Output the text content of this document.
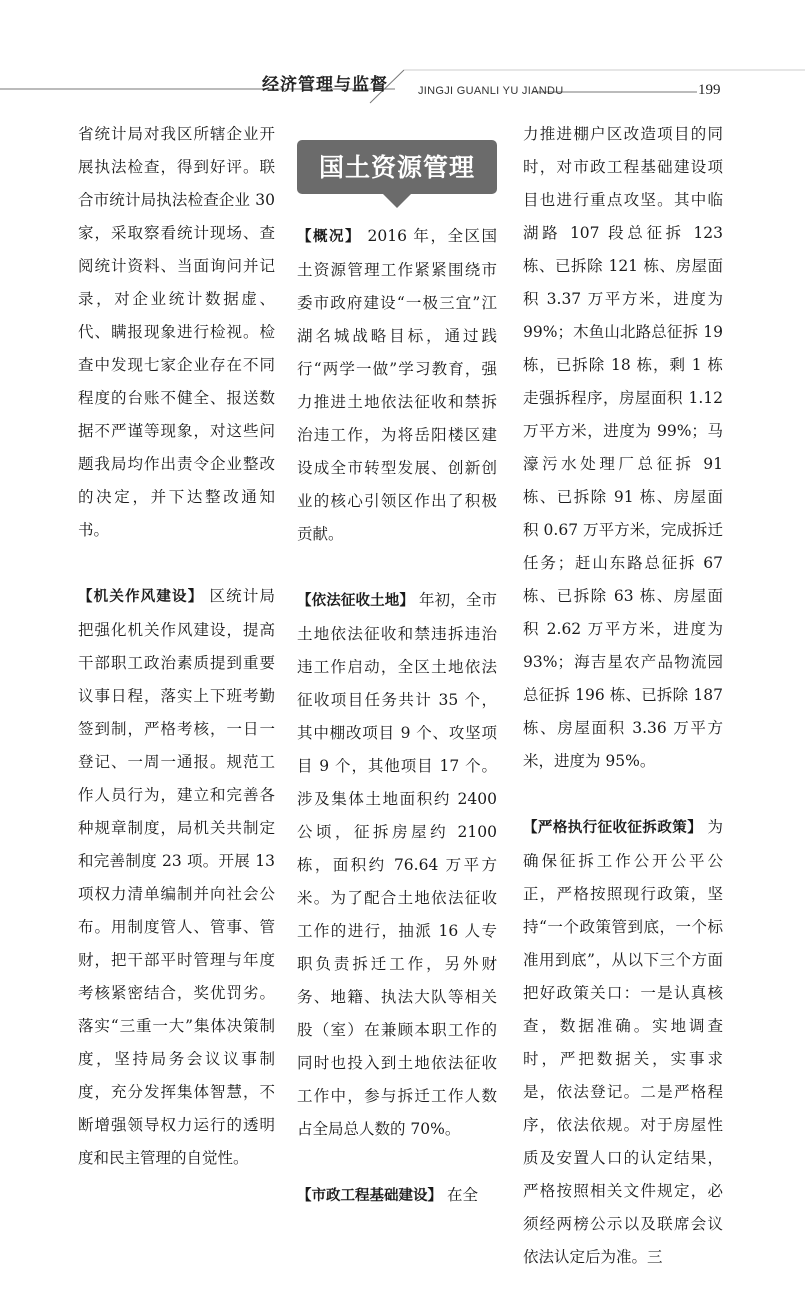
经济管理与监督	JINGJI GUANLI YU JIANDU	199

省统计局对我区所辖企业开展执法检查，得到好评。联合市统计局执法检查企业 30 家，采取察看统计现场、查阅统计资料、当面询问并记录，对企业统计数据虚、代、瞒报现象进行检视。检查中发现七家企业存在不同程度的台账不健全、报送数据不严谨等现象，对这些问题我局均作出责令企业整改的决定，并下达整改通知书。

【机关作风建设】 区统计局把强化机关作风建设，提高干部职工政治素质提到重要议事日程，落实上下班考勤签到制，严格考核，一日一登记、一周一通报。规范工作人员行为，建立和完善各种规章制度，局机关共制定和完善制度 23 项。开展 13 项权力清单编制并向社会公布。用制度管人、管事、管财，把干部平时管理与年度考核紧密结合，奖优罚劣。落实“三重一大”集体决策制度，坚持局务会议议事制度，充分发挥集体智慧，不断增强领导权力运行的透明度和民主管理的自觉性。

国土资源管理

【概况】 2016 年，全区国土资源管理工作紧紧围绕市委市政府建设“一极三宜”江湖名城战略目标，通过践行“两学一做”学习教育，强力推进土地依法征收和禁拆治违工作，为将岳阳楼区建设成全市转型发展、创新创业的核心引领区作出了积极贡献。

【依法征收土地】 年初，全市土地依法征收和禁违拆违治违工作启动，全区土地依法征收项目任务共计 35 个，其中棚改项目 9 个、攻坚项目 9 个，其他项目 17 个。涉及集体土地面积约 2400 公顷，征拆房屋约 2100 栋，面积约 76.64 万平方米。为了配合土地依法征收工作的进行，抽派 16 人专职负责拆迁工作，另外财务、地籍、执法大队等相关股（室）在兼顾本职工作的同时也投入到土地依法征收工作中，参与拆迁工作人数占全局总人数的 70%。

【市政工程基础建设】 在全

力推进棚户区改造项目的同时，对市政工程基础建设项目也进行重点攻坚。其中临湖路 107 段总征拆 123 栋、已拆除 121 栋、房屋面积 3.37 万平方米，进度为 99%；木鱼山北路总征拆 19 栋，已拆除 18 栋，剩 1 栋走强拆程序，房屋面积 1.12 万平方米，进度为 99%；马濠污水处理厂总征拆 91 栋、已拆除 91 栋、房屋面积 0.67 万平方米，完成拆迁任务；赶山东路总征拆 67 栋、已拆除 63 栋、房屋面积 2.62 万平方米，进度为 93%；海吉星农产品物流园总征拆 196 栋、已拆除 187 栋、房屋面积 3.36 万平方米，进度为 95%。

【严格执行征收征拆政策】 为确保征拆工作公开公平公正，严格按照现行政策，坚持“一个政策管到底，一个标准用到底”，从以下三个方面把好政策关口：一是认真核查，数据准确。实地调查时，严把数据关，实事求是，依法登记。二是严格程序，依法依规。对于房屋性质及安置人口的认定结果，严格按照相关文件规定，必须经两榜公示以及联席会议依法认定后为准。三
